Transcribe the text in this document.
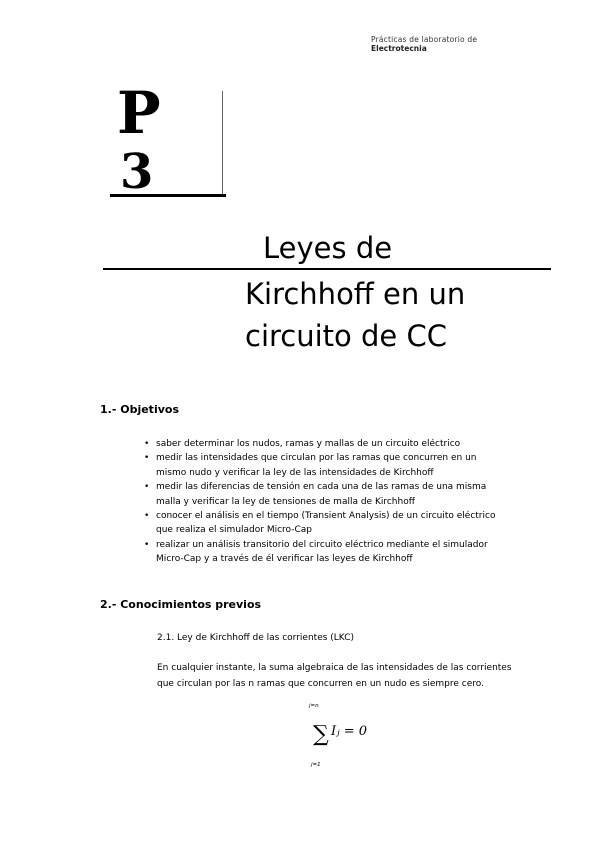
Prácticas de laboratorio de
Electrotecnia
P
3
Leyes de
Kirchhoff en un
circuito de CC
1.- Objetivos
• saber determinar los nudos, ramas y mallas de un circuito eléctrico
• medir las intensidades que circulan por las ramas que concurren en un mismo nudo y verificar la ley de las intensidades de Kirchhoff
• medir las diferencias de tensión en cada una de las ramas de una misma malla y verificar la ley de tensiones de malla de Kirchhoff
• conocer el análisis en el tiempo (Transient Analysis) de un circuito eléctrico que realiza el simulador Micro-Cap
• realizar un análisis transitorio del circuito eléctrico mediante el simulador Micro-Cap y a través de él verificar las leyes de Kirchhoff
2.- Conocimientos previos
2.1. Ley de Kirchhoff de las corrientes (LKC)
En cualquier instante, la suma algebraica de las intensidades de las corrientes que circulan por las n ramas que concurren en un nudo es siempre cero.
j=n
∑ Iⱼ = 0
j=1
